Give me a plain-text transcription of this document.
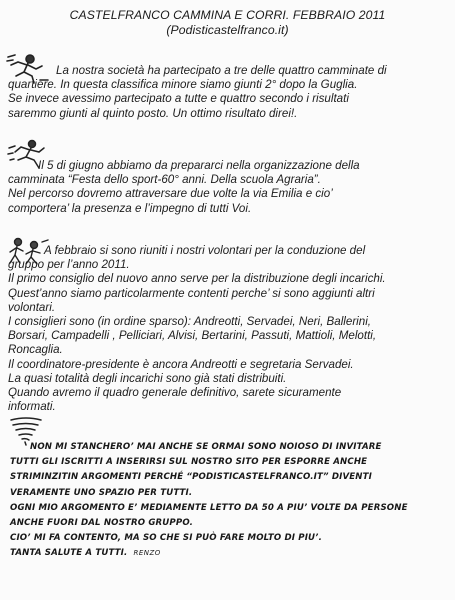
CASTELFRANCO CAMMINA E CORRI. FEBBRAIO 2011
(Podisticastelfranco.it)
La nostra società ha partecipato a tre delle quattro camminate di
quartiere. In questa classifica minore siamo giunti 2° dopo la Guglia.
Se invece avessimo partecipato a tutte e quattro secondo i risultati
saremmo giunti al quinto posto. Un ottimo risultato direi!.
Il 5 di giugno abbiamo da prepararci nella organizzazione della
camminata “Festa dello sport-60° anni. Della scuola Agraria”.
Nel percorso dovremo attraversare due volte la via Emilia e cio’
comportera’ la presenza e l’impegno di tutti Voi.
A febbraio si sono riuniti i nostri volontari per la conduzione del
gruppo per l’anno 2011.
Il primo consiglio del nuovo anno serve per la distribuzione degli incarichi.
Quest’anno siamo particolarmente contenti perche’ si sono aggiunti altri
volontari.
I consiglieri sono (in ordine sparso): Andreotti, Servadei, Neri, Ballerini,
Borsari, Campadelli , Pelliciari, Alvisi, Bertarini, Passuti, Mattioli, Melotti,
Roncaglia.
Il coordinatore-presidente è ancora Andreotti e segretaria Servadei.
La quasi totalità degli incarichi sono già stati distribuiti.
Quando avremo il quadro generale definitivo, sarete sicuramente
informati.
NON MI STANCHERO’ MAI ANCHE SE ORMAI SONO NOIOSO DI INVITARE
TUTTI GLI ISCRITTI A INSERIRSI SUL NOSTRO SITO PER ESPORRE ANCHE
STRIMINZITIN ARGOMENTI PERCHÉ “PODISTICASTELFRANCO.IT” DIVENTI
VERAMENTE UNO SPAZIO PER TUTTI.
OGNI MIO ARGOMENTO E’ MEDIAMENTE LETTO DA 50 A PIU’ VOLTE DA PERSONE
ANCHE FUORI DAL NOSTRO GRUPPO.
CIO’ MI FA CONTENTO, MA SO CHE SI PUÒ FARE MOLTO DI PIU’.
TANTA SALUTE A TUTTI. RENZO
